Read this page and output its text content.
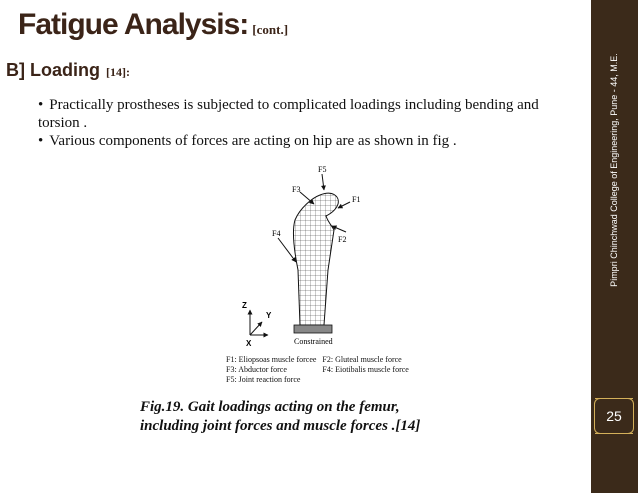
Fatigue Analysis: [cont.]
B] Loading [14]:
• Practically prostheses is subjected to complicated loadings including bending and torsion .
• Various components of forces are acting on hip are as shown in fig .
F5
F3
F1
F4
F2
Z
Y
X	Constrained
F1: Eliopsoas muscle forcee	F2: Gluteal muscle force
F3: Abductor force	F4: Eiotibalis muscle force
F5: Joint reaction force	
Fig.19. Gait loadings acting on the femur,
including joint forces and muscle forces .[14]
Pimpri Chinchwad College of Engineering, Pune - 44, M.E.
25
